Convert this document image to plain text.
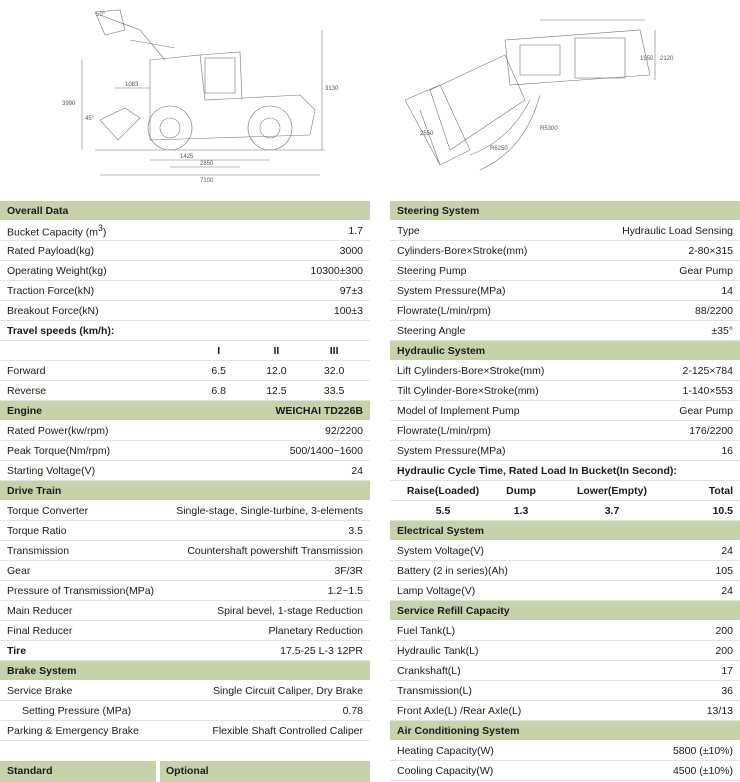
50°
45°
1083
3990
3130
1425
2850
7100
1950 2120
R5300
R6250
2550
Overall Data
Bucket Capacity $(m^3)$	1.7
Rated Payload(kg)	3000
Operating Weight(kg)	10300±300
Traction Force(kN)	97±3
Breakout Force(kN)	100±3
Travel speeds (km/h):
I	II	III
Forward	6.5	12.0	32.0
Reverse	6.8	12.5	33.5
Engine	WEICHAI TD226B
Rated Power(kw/rpm)	92/2200
Peak Torque(Nm/rpm)	500/1400~1600
Starting Voltage(V)	24
Drive Train
Torque Converter	Single-stage, Single-turbine, 3-elements
Torque Ratio	3.5
Transmission	Countershaft powershift Transmission
Gear	3F/3R
Pressure of Transmission(MPa)	1.2~1.5
Main Reducer	Spiral bevel, 1-stage Reduction
Final Reducer	Planetary Reduction
Tire	17.5-25 L-3 12PR
Brake System
Service Brake	Single Circuit Caliper, Dry Brake
Setting Pressure (MPa)	0.78
Parking & Emergency Brake	Flexible Shaft Controlled Caliper
Standard	Optional
Steering System
Type	Hydraulic Load Sensing
Cylinders-Bore×Stroke(mm)	2-80×315
Steering Pump	Gear Pump
System Pressure(MPa)	14
Flowrate(L/min/rpm)	88/2200
Steering Angle	±35°
Hydraulic System
Lift Cylinders-Bore×Stroke(mm)	2-125×784
Tilt Cylinder-Bore×Stroke(mm)	1-140×553
Model of Implement Pump	Gear Pump
Flowrate(L/min/rpm)	176/2200
System Pressure(MPa)	16
Hydraulic Cycle Time, Rated Load In Bucket(In Second):
Raise(Loaded)	Dump	Lower(Empty)	Total
5.5	1.3	3.7	10.5
Electrical System
System Voltage(V)	24
Battery (2 in series)(Ah)	105
Lamp Voltage(V)	24
Service Refill Capacity
Fuel Tank(L)	200
Hydraulic Tank(L)	200
Crankshaft(L)	17
Transmission(L)	36
Front Axle(L) /Rear Axle(L)	13/13
Air Conditioning System
Heating Capacity(W)	5800 (±10%)
Cooling Capacity(W)	4500 (±10%)
